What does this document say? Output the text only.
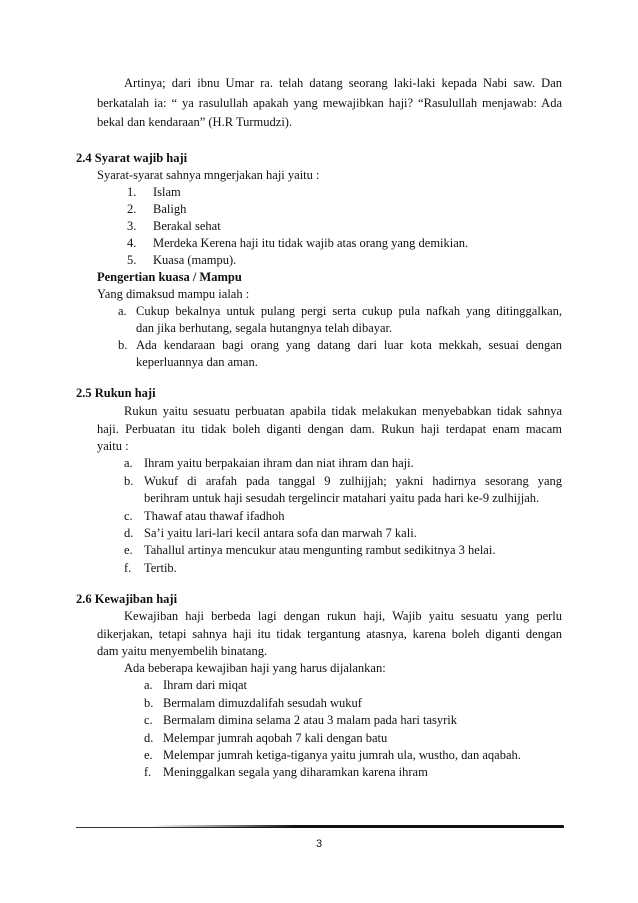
Artinya; dari ibnu Umar ra. telah datang seorang laki-laki kepada Nabi saw. Dan
berkatalah ia: “ ya rasulullah apakah yang mewajibkan haji? “Rasulullah menjawab: Ada
bekal dan kendaraan” (H.R Turmudzi).
2.4 Syarat wajib haji
Syarat-syarat sahnya mngerjakan haji yaitu :
1. Islam
2. Baligh
3. Berakal sehat
4. Merdeka Kerena haji itu tidak wajib atas orang yang demikian.
5. Kuasa (mampu).
Pengertian kuasa / Mampu
Yang dimaksud mampu ialah :
a. Cukup bekalnya untuk pulang pergi serta cukup pula nafkah yang ditinggalkan,
dan jika berhutang, segala hutangnya telah dibayar.
b. Ada kendaraan bagi orang yang datang dari luar kota mekkah, sesuai dengan
keperluannya dan aman.
2.5 Rukun haji
Rukun yaitu sesuatu perbuatan apabila tidak melakukan menyebabkan tidak sahnya
haji. Perbuatan itu tidak boleh diganti dengan dam. Rukun haji terdapat enam macam
yaitu :
a. Ihram yaitu berpakaian ihram dan niat ihram dan haji.
b. Wukuf di arafah pada tanggal 9 zulhijjah; yakni hadirnya sesorang yang
berihram untuk haji sesudah tergelincir matahari yaitu pada hari ke-9 zulhijjah.
c. Thawaf atau thawaf ifadhoh
d. Sa’i yaitu lari-lari kecil antara sofa dan marwah 7 kali.
e. Tahallul artinya mencukur atau mengunting rambut sedikitnya 3 helai.
f. Tertib.
2.6 Kewajiban haji
Kewajiban haji berbeda lagi dengan rukun haji, Wajib yaitu sesuatu yang perlu
dikerjakan, tetapi sahnya haji itu tidak tergantung atasnya, karena boleh diganti dengan
dam yaitu menyembelih binatang.
Ada beberapa kewajiban haji yang harus dijalankan:
a. Ihram dari miqat
b. Bermalam dimuzdalifah sesudah wukuf
c. Bermalam dimina selama 2 atau 3 malam pada hari tasyrik
d. Melempar jumrah aqobah 7 kali dengan batu
e. Melempar jumrah ketiga-tiganya yaitu jumrah ula, wustho, dan aqabah.
f. Meninggalkan segala yang diharamkan karena ihram
3
